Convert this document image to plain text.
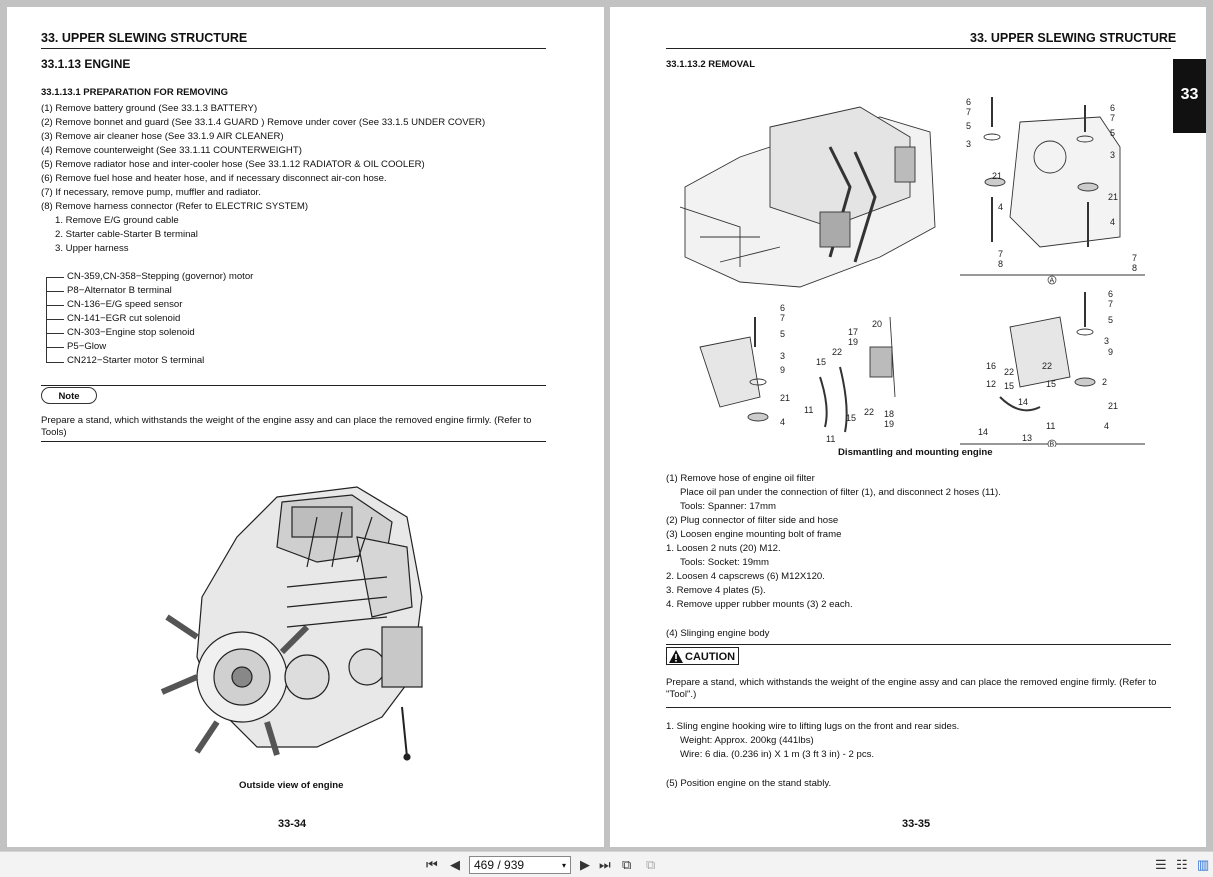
33. UPPER SLEWING STRUCTURE
33.1.13 ENGINE
33.1.13.1 PREPARATION FOR REMOVING
(1) Remove battery ground (See 33.1.3 BATTERY)
(2) Remove bonnet and guard (See 33.1.4 GUARD ) Remove under cover (See 33.1.5 UNDER COVER)
(3) Remove air cleaner hose (See 33.1.9 AIR CLEANER)
(4) Remove counterweight (See 33.1.11 COUNTERWEIGHT)
(5) Remove radiator hose and inter-cooler hose (See 33.1.12 RADIATOR & OIL COOLER)
(6) Remove fuel hose and heater hose, and if necessary disconnect air-con hose.
(7) If necessary, remove pump, muffler and radiator.
(8) Remove harness connector (Refer to ELECTRIC SYSTEM)
1. Remove E/G ground cable
2. Starter cable-Starter B terminal
3. Upper harness
CN-359,CN-358−Stepping (governor) motor
P8−Alternator B terminal
CN-136−E/G speed sensor
CN-141−EGR cut solenoid
CN-303−Engine stop solenoid
P5−Glow
CN212−Starter motor S terminal
Note
Prepare a stand, which withstands the weight of the engine assy and can place the removed engine firmly. (Refer to Tools)
Outside view of engine
33-34
33. UPPER SLEWING STRUCTURE
33
33.1.13.2 REMOVAL
6
7
5
3
6
7
5
3
21
21
4
4
7
8
7
8
6
7
5
3
9
21
4
17
19
20
22
15
11
15
22 18
19
11
6
7
5
3
9
16
22
22
12 15	15	2
21
14
14
13
11	4
A
B
Dismantling and mounting engine
(1) Remove hose of engine oil filter
Place oil pan under the connection of filter (1), and disconnect 2 hoses (11).
Tools: Spanner: 17mm
(2) Plug connector of filter side and hose
(3) Loosen engine mounting bolt of frame
1. Loosen 2 nuts (20) M12.
Tools: Socket: 19mm
2. Loosen 4 capscrews (6) M12X120.
3. Remove 4 plates (5).
4. Remove upper rubber mounts (3) 2 each.
(4) Slinging engine body
CAUTION
Prepare a stand, which withstands the weight of the engine assy and can place the removed engine firmly. (Refer to "Tool".)
1. Sling engine hooking wire to lifting lugs on the front and rear sides.
Weight: Approx. 200kg (441lbs)
Wire: 6 dia. (0.236 in) X 1 m (3 ft 3 in) - 2 pcs.
(5) Position engine on the stand stably.
33-35
⏮ ◀ 469 / 939	▾ ▶ ⏭ ⧉ ⧉	☰ ☷ ▥
